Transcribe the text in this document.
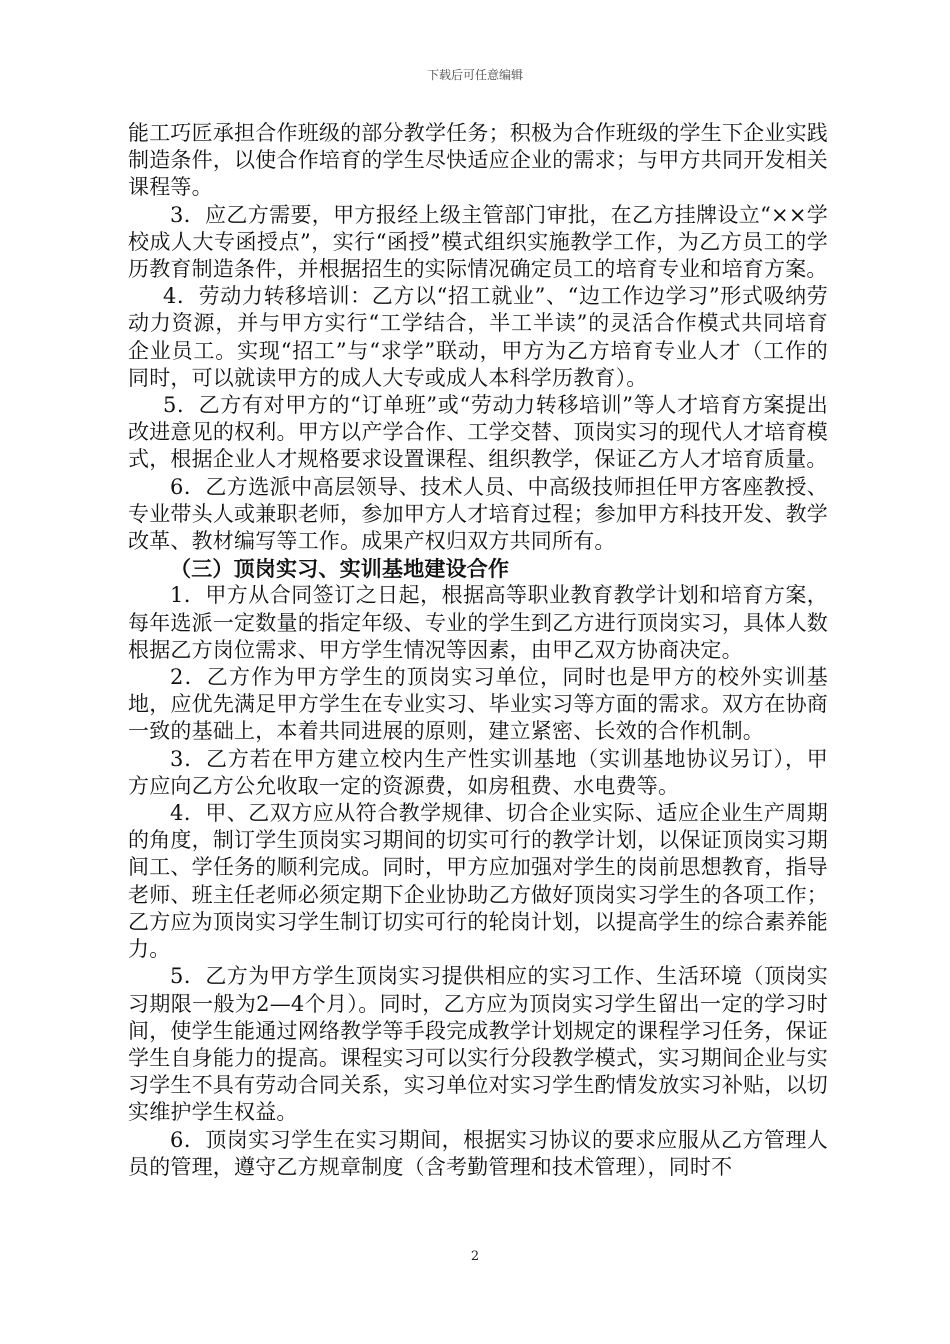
下载后可任意编辑

能工巧匠承担合作班级的部分教学任务；积极为合作班级的学生下企业实践制造条件，以使合作培育的学生尽快适应企业的需求；与甲方共同开发相关课程等。

3．应乙方需要，甲方报经上级主管部门审批，在乙方挂牌设立“××学校成人大专函授点”，实行“函授”模式组织实施教学工作，为乙方员工的学历教育制造条件，并根据招生的实际情况确定员工的培育专业和培育方案。

4．劳动力转移培训：乙方以“招工就业”、“边工作边学习”形式吸纳劳动力资源，并与甲方实行“工学结合，半工半读”的灵活合作模式共同培育企业员工。实现“招工”与“求学”联动，甲方为乙方培育专业人才（工作的同时，可以就读甲方的成人大专或成人本科学历教育）。

5．乙方有对甲方的“订单班”或“劳动力转移培训”等人才培育方案提出改进意见的权利。甲方以产学合作、工学交替、顶岗实习的现代人才培育模式，根据企业人才规格要求设置课程、组织教学，保证乙方人才培育质量。

6．乙方选派中高层领导、技术人员、中高级技师担任甲方客座教授、专业带头人或兼职老师，参加甲方人才培育过程；参加甲方科技开发、教学改革、教材编写等工作。成果产权归双方共同所有。

（三）顶岗实习、实训基地建设合作

1．甲方从合同签订之日起，根据高等职业教育教学计划和培育方案，每年选派一定数量的指定年级、专业的学生到乙方进行顶岗实习，具体人数根据乙方岗位需求、甲方学生情况等因素，由甲乙双方协商决定。

2．乙方作为甲方学生的顶岗实习单位，同时也是甲方的校外实训基地，应优先满足甲方学生在专业实习、毕业实习等方面的需求。双方在协商一致的基础上，本着共同进展的原则，建立紧密、长效的合作机制。

3．乙方若在甲方建立校内生产性实训基地（实训基地协议另订），甲方应向乙方公允收取一定的资源费，如房租费、水电费等。

4．甲、乙双方应从符合教学规律、切合企业实际、适应企业生产周期的角度，制订学生顶岗实习期间的切实可行的教学计划，以保证顶岗实习期间工、学任务的顺利完成。同时，甲方应加强对学生的岗前思想教育，指导老师、班主任老师必须定期下企业协助乙方做好顶岗实习学生的各项工作；乙方应为顶岗实习学生制订切实可行的轮岗计划，以提高学生的综合素养能力。

5．乙方为甲方学生顶岗实习提供相应的实习工作、生活环境（顶岗实习期限一般为2—4个月）。同时，乙方应为顶岗实习学生留出一定的学习时间，使学生能通过网络教学等手段完成教学计划规定的课程学习任务，保证学生自身能力的提高。课程实习可以实行分段教学模式，实习期间企业与实习学生不具有劳动合同关系，实习单位对实习学生酌情发放实习补贴，以切实维护学生权益。

6．顶岗实习学生在实习期间，根据实习协议的要求应服从乙方管理人员的管理，遵守乙方规章制度（含考勤管理和技术管理），同时不

2
